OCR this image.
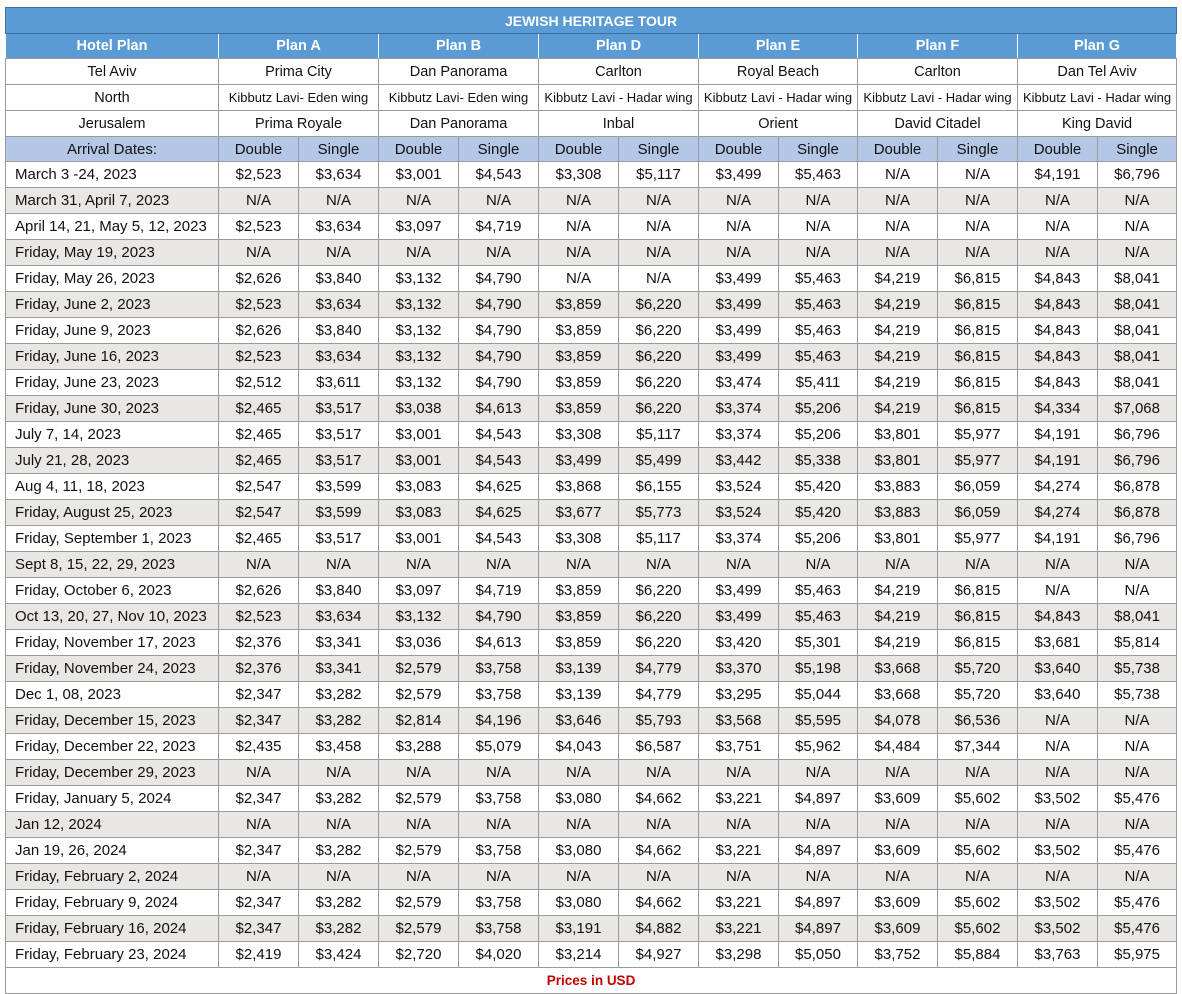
JEWISH HERITAGE TOUR												
Hotel Plan	Plan A		Plan B		Plan D		Plan E		Plan F		Plan G	
Tel Aviv	Prima City		Dan Panorama		Carlton		Royal Beach		Carlton		Dan Tel Aviv	
North	Kibbutz Lavi- Eden wing		Kibbutz Lavi- Eden wing		Kibbutz Lavi - Hadar wing		Kibbutz Lavi - Hadar wing		Kibbutz Lavi - Hadar wing		Kibbutz Lavi - Hadar wing	
Jerusalem	Prima Royale		Dan Panorama		Inbal		Orient		David Citadel		King David	
Arrival Dates:	Double	Single	Double	Single	Double	Single	Double	Single	Double	Single	Double	Single
March 3 -24, 2023	$2,523	$3,634	$3,001	$4,543	$3,308	$5,117	$3,499	$5,463	N/A	N/A	$4,191	$6,796
March 31, April 7, 2023	N/A	N/A	N/A	N/A	N/A	N/A	N/A	N/A	N/A	N/A	N/A	N/A
April 14, 21, May 5, 12, 2023	$2,523	$3,634	$3,097	$4,719	N/A	N/A	N/A	N/A	N/A	N/A	N/A	N/A
Friday, May 19, 2023	N/A	N/A	N/A	N/A	N/A	N/A	N/A	N/A	N/A	N/A	N/A	N/A
Friday, May 26, 2023	$2,626	$3,840	$3,132	$4,790	N/A	N/A	$3,499	$5,463	$4,219	$6,815	$4,843	$8,041
Friday, June 2, 2023	$2,523	$3,634	$3,132	$4,790	$3,859	$6,220	$3,499	$5,463	$4,219	$6,815	$4,843	$8,041
Friday, June 9, 2023	$2,626	$3,840	$3,132	$4,790	$3,859	$6,220	$3,499	$5,463	$4,219	$6,815	$4,843	$8,041
Friday, June 16, 2023	$2,523	$3,634	$3,132	$4,790	$3,859	$6,220	$3,499	$5,463	$4,219	$6,815	$4,843	$8,041
Friday, June 23, 2023	$2,512	$3,611	$3,132	$4,790	$3,859	$6,220	$3,474	$5,411	$4,219	$6,815	$4,843	$8,041
Friday, June 30, 2023	$2,465	$3,517	$3,038	$4,613	$3,859	$6,220	$3,374	$5,206	$4,219	$6,815	$4,334	$7,068
July 7, 14, 2023	$2,465	$3,517	$3,001	$4,543	$3,308	$5,117	$3,374	$5,206	$3,801	$5,977	$4,191	$6,796
July 21, 28, 2023	$2,465	$3,517	$3,001	$4,543	$3,499	$5,499	$3,442	$5,338	$3,801	$5,977	$4,191	$6,796
Aug 4, 11, 18, 2023	$2,547	$3,599	$3,083	$4,625	$3,868	$6,155	$3,524	$5,420	$3,883	$6,059	$4,274	$6,878
Friday, August 25, 2023	$2,547	$3,599	$3,083	$4,625	$3,677	$5,773	$3,524	$5,420	$3,883	$6,059	$4,274	$6,878
Friday, September 1, 2023	$2,465	$3,517	$3,001	$4,543	$3,308	$5,117	$3,374	$5,206	$3,801	$5,977	$4,191	$6,796
Sept 8, 15, 22, 29, 2023	N/A	N/A	N/A	N/A	N/A	N/A	N/A	N/A	N/A	N/A	N/A	N/A
Friday, October 6, 2023	$2,626	$3,840	$3,097	$4,719	$3,859	$6,220	$3,499	$5,463	$4,219	$6,815	N/A	N/A
Oct 13, 20, 27, Nov 10, 2023	$2,523	$3,634	$3,132	$4,790	$3,859	$6,220	$3,499	$5,463	$4,219	$6,815	$4,843	$8,041
Friday, November 17, 2023	$2,376	$3,341	$3,036	$4,613	$3,859	$6,220	$3,420	$5,301	$4,219	$6,815	$3,681	$5,814
Friday, November 24, 2023	$2,376	$3,341	$2,579	$3,758	$3,139	$4,779	$3,370	$5,198	$3,668	$5,720	$3,640	$5,738
Dec 1, 08, 2023	$2,347	$3,282	$2,579	$3,758	$3,139	$4,779	$3,295	$5,044	$3,668	$5,720	$3,640	$5,738
Friday, December 15, 2023	$2,347	$3,282	$2,814	$4,196	$3,646	$5,793	$3,568	$5,595	$4,078	$6,536	N/A	N/A
Friday, December 22, 2023	$2,435	$3,458	$3,288	$5,079	$4,043	$6,587	$3,751	$5,962	$4,484	$7,344	N/A	N/A
Friday, December 29, 2023	N/A	N/A	N/A	N/A	N/A	N/A	N/A	N/A	N/A	N/A	N/A	N/A
Friday, January 5, 2024	$2,347	$3,282	$2,579	$3,758	$3,080	$4,662	$3,221	$4,897	$3,609	$5,602	$3,502	$5,476
Jan 12, 2024	N/A	N/A	N/A	N/A	N/A	N/A	N/A	N/A	N/A	N/A	N/A	N/A
Jan 19, 26, 2024	$2,347	$3,282	$2,579	$3,758	$3,080	$4,662	$3,221	$4,897	$3,609	$5,602	$3,502	$5,476
Friday, February 2, 2024	N/A	N/A	N/A	N/A	N/A	N/A	N/A	N/A	N/A	N/A	N/A	N/A
Friday, February 9, 2024	$2,347	$3,282	$2,579	$3,758	$3,080	$4,662	$3,221	$4,897	$3,609	$5,602	$3,502	$5,476
Friday, February 16, 2024	$2,347	$3,282	$2,579	$3,758	$3,191	$4,882	$3,221	$4,897	$3,609	$5,602	$3,502	$5,476
Friday, February 23, 2024	$2,419	$3,424	$2,720	$4,020	$3,214	$4,927	$3,298	$5,050	$3,752	$5,884	$3,763	$5,975
Prices in USD												
